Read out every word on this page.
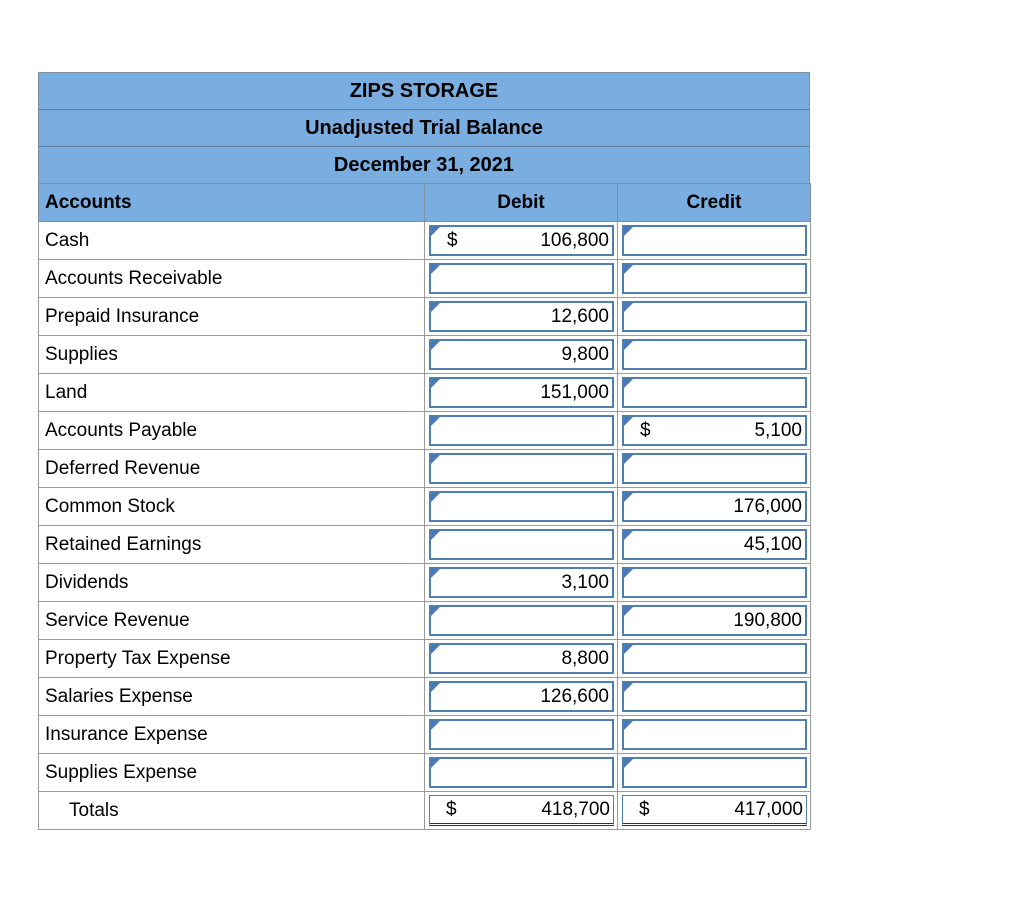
ZIPS STORAGE
Unadjusted Trial Balance
December 31, 2021
Accounts	Debit	Credit
Cash	$ 106,800	

Accounts Receivable	

Prepaid Insurance	12,600	

Supplies	9,800	

Land	151,000	

Accounts Payable		$ 5,100

Deferred Revenue	

Common Stock		176,000

Retained Earnings		45,100

Dividends	3,100	

Service Revenue		190,800

Property Tax Expense	8,800	

Salaries Expense	126,600	

Insurance Expense	

Supplies Expense	

Totals	$ 418,700	$ 417,000
